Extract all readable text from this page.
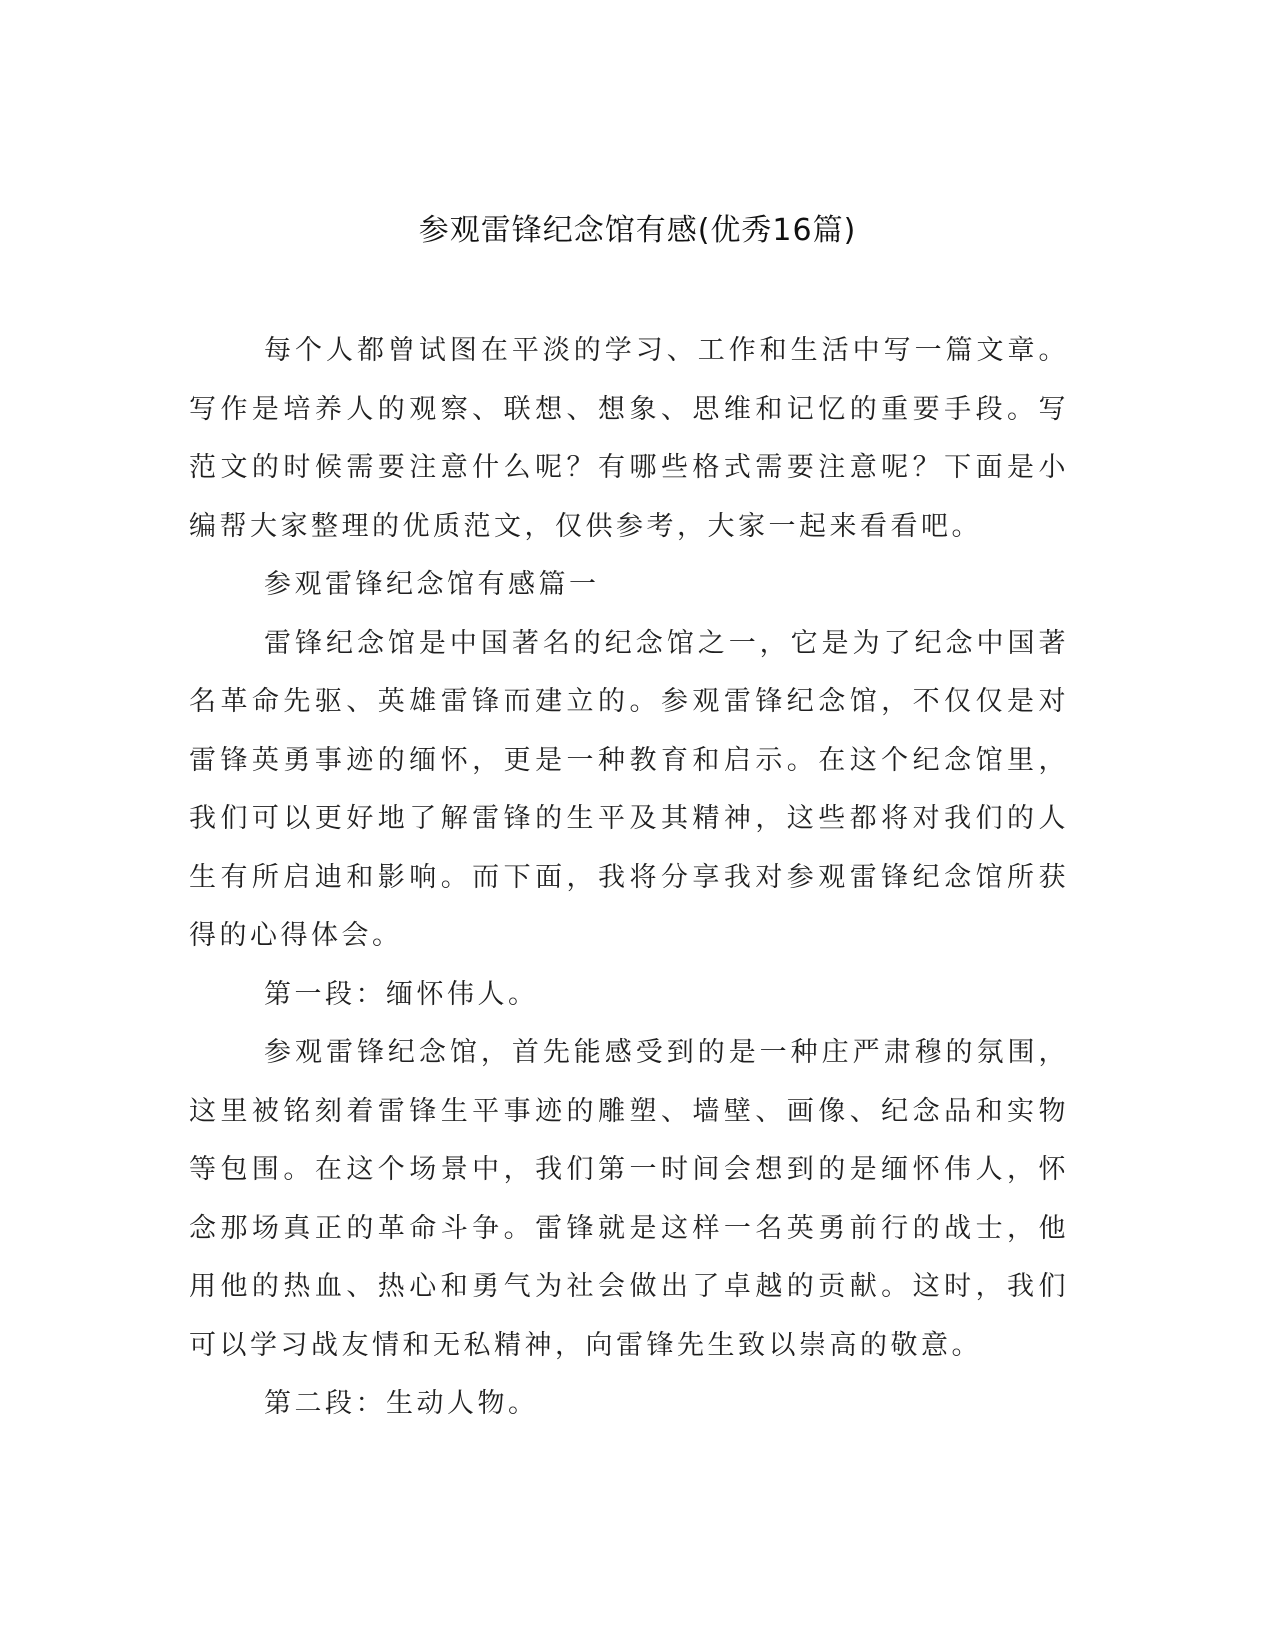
参观雷锋纪念馆有感(优秀16篇)

每个人都曾试图在平淡的学习、工作和生活中写一篇文章。写作是培养人的观察、联想、想象、思维和记忆的重要手段。写范文的时候需要注意什么呢？有哪些格式需要注意呢？下面是小编帮大家整理的优质范文，仅供参考，大家一起来看看吧。

参观雷锋纪念馆有感篇一

雷锋纪念馆是中国著名的纪念馆之一，它是为了纪念中国著名革命先驱、英雄雷锋而建立的。参观雷锋纪念馆，不仅仅是对雷锋英勇事迹的缅怀，更是一种教育和启示。在这个纪念馆里，我们可以更好地了解雷锋的生平及其精神，这些都将对我们的人生有所启迪和影响。而下面，我将分享我对参观雷锋纪念馆所获得的心得体会。

第一段：缅怀伟人。

参观雷锋纪念馆，首先能感受到的是一种庄严肃穆的氛围，这里被铭刻着雷锋生平事迹的雕塑、墙壁、画像、纪念品和实物等包围。在这个场景中，我们第一时间会想到的是缅怀伟人，怀念那场真正的革命斗争。雷锋就是这样一名英勇前行的战士，他用他的热血、热心和勇气为社会做出了卓越的贡献。这时，我们可以学习战友情和无私精神，向雷锋先生致以崇高的敬意。

第二段：生动人物。
